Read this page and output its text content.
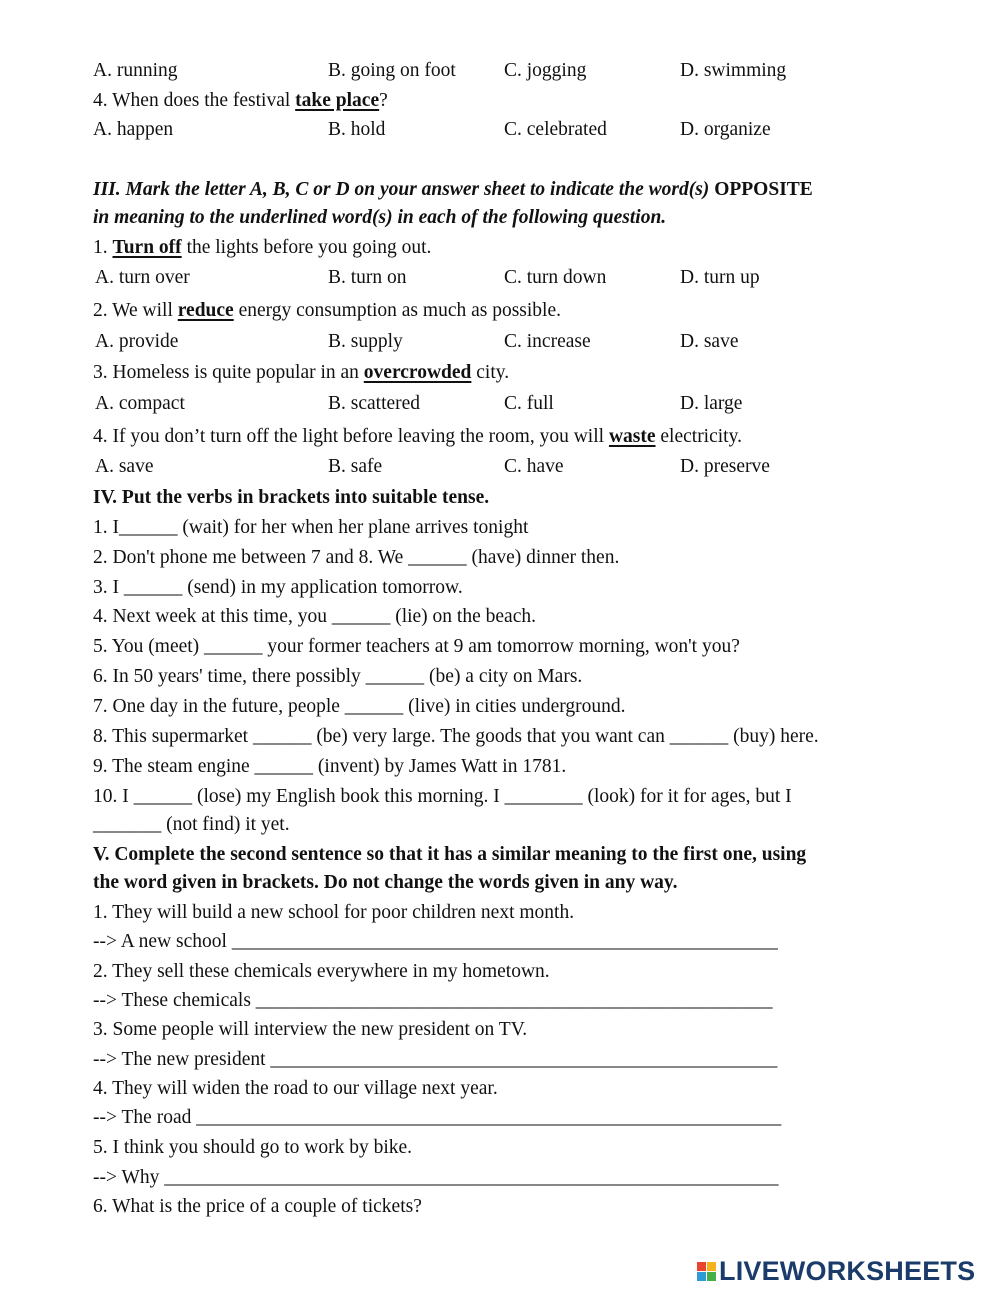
A. running	B. going on foot C. jogging	D. swimming
4. When does the festival take place?
A. happen	B. hold	C. celebrated	D. organize
III. Mark the letter A, B, C or D on your answer sheet to indicate the word(s) OPPOSITE
in meaning to the underlined word(s) in each of the following question.
1. Turn off the lights before you going out.
A. turn over	B. turn on	C. turn down	D. turn up
2. We will reduce energy consumption as much as possible.
A. provide	B. supply	C. increase	D. save
3. Homeless is quite popular in an overcrowded city.
A. compact	B. scattered	C. full	D. large
4. If you don’t turn off the light before leaving the room, you will waste electricity.
A. save	B. safe	C. have	D. preserve
IV. Put the verbs in brackets into suitable tense.
1. I______ (wait) for her when her plane arrives tonight
2. Don't phone me between 7 and 8. We ______ (have) dinner then.
3. I ______ (send) in my application tomorrow.
4. Next week at this time, you ______ (lie) on the beach.
5. You (meet) ______ your former teachers at 9 am tomorrow morning, won't you?
6. In 50 years' time, there possibly ______ (be) a city on Mars.
7. One day in the future, people ______ (live) in cities underground.
8. This supermarket ______ (be) very large. The goods that you want can ______ (buy) here.
9. The steam engine ______ (invent) by James Watt in 1781.
10. I ______ (lose) my English book this morning. I ________ (look) for it for ages, but I
_______ (not find) it yet.
V. Complete the second sentence so that it has a similar meaning to the first one, using
the word given in brackets. Do not change the words given in any way.
1. They will build a new school for poor children next month.
--> A new school ________________________________________________________
2. They sell these chemicals everywhere in my hometown.
--> These chemicals _____________________________________________________
3. Some people will interview the new president on TV.
--> The new president ____________________________________________________
4. They will widen the road to our village next year.
--> The road ____________________________________________________________
5. I think you should go to work by bike.
--> Why _______________________________________________________________
6. What is the price of a couple of tickets?
LIVEWORKSHEETS
